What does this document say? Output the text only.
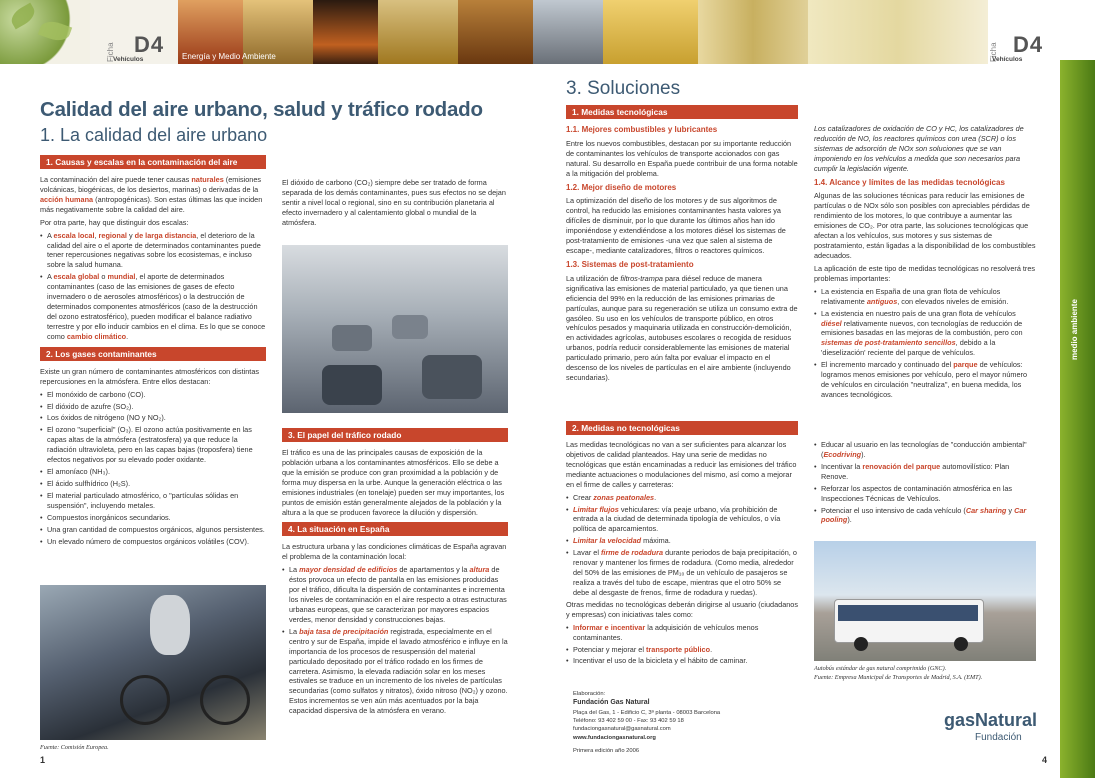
Ficha D4
Vehículos	Energía y Medio Ambiente	Ficha D4
Vehículos
medio ambiente
Calidad del aire urbano, salud y tráfico rodado
1. La calidad del aire urbano
1. Causas y escalas en la contaminación del aire

La contaminación del aire puede tener causas naturales (emisiones volcánicas, biogénicas, de los desiertos, marinas) o derivadas de la acción humana (antropogénicas). Son estas últimas las que inciden más negativamente sobre la calidad del aire.

Por otra parte, hay que distinguir dos escalas:

• A escala local, regional y de larga distancia, el deterioro de la calidad del aire o el aporte de determinados contaminantes puede tener repercusiones negativas sobre los ecosistemas, e incluso sobre la salud humana.
• A escala global o mundial, el aporte de determinados contaminantes (caso de las emisiones de gases de efecto invernadero o de aerosoles atmosféricos) o la destrucción de determinados componentes atmosféricos (caso de la destrucción del ozono estratosférico), pueden modificar el balance radiativo terrestre y por ello inducir cambios en el clima. Es lo que se conoce como cambio climático.
2. Los gases contaminantes

Existe un gran número de contaminantes atmosféricos con distintas repercusiones en la atmósfera. Entre ellos destacan:

• El monóxido de carbono (CO).
• El dióxido de azufre (SO₂).
• Los óxidos de nitrógeno (NO y NO₂).
• El ozono "superficial" (O₃). El ozono actúa positivamente en las capas altas de la atmósfera (estratosfera) ya que reduce la radiación ultravioleta, pero en las capas bajas (troposfera) tiene efectos negativos por su elevado poder oxidante.
• El amoníaco (NH₃).
• El ácido sulfhídrico (H₂S).
• El material particulado atmosférico, o "partículas sólidas en suspensión", incluyendo metales.
• Compuestos inorgánicos secundarios.
• Una gran cantidad de compuestos orgánicos, algunos persistentes.
• Un elevado número de compuestos orgánicos volátiles (COV).
Fuente: Comisión Europea.

El dióxido de carbono (CO₂) siempre debe ser tratado de forma separada de los demás contaminantes, pues sus efectos no se dejan sentir a nivel local o regional, sino en su contribución planetaria al efecto invernadero y al calentamiento global o mundial de la atmósfera.

3. El papel del tráfico rodado

El tráfico es una de las principales causas de exposición de la población urbana a los contaminantes atmosféricos. Ello se debe a que la emisión se produce con gran proximidad a la población y de forma muy dispersa en la urbe. Aunque la generación eléctrica o las emisiones industriales (en tonelaje) pueden ser muy importantes, los puntos de emisión están generalmente alejados de la población y la altura a la que se producen favorece la dilución y dispersión.

4. La situación en España

La estructura urbana y las condiciones climáticas de España agravan el problema de la contaminación local:

• La mayor densidad de edificios de apartamentos y la altura de éstos provoca un efecto de pantalla en las emisiones producidas por el tráfico, dificulta la dispersión de contaminantes e incrementa los niveles de contaminación en el aire respecto a otras estructuras urbanas europeas, que se caracterizan por mayores espacios verdes, menor densidad y construcciones bajas.
• La baja tasa de precipitación registrada, especialmente en el centro y sur de España, impide el lavado atmosférico e influye en la importancia de los procesos de resuspensión del material particulado depositado por el tráfico rodado en los firmes de carretera. Asimismo, la elevada radiación solar en los meses estivales se traduce en un incremento de los niveles de partículas secundarias (como sulfatos y nitratos), óxido nitroso (NO₂) y ozono. Estos incrementos se ven aún más acentuados por la baja capacidad dispersiva de la atmósfera en verano.
1
3. Soluciones
1. Medidas tecnológicas
1.1. Mejores combustibles y lubricantes

Entre los nuevos combustibles, destacan por su importante reducción de contaminantes los vehículos de transporte accionados con gas natural. Su desarrollo en España puede contribuir de una forma notable a la mitigación del problema.

1.2. Mejor diseño de motores

La optimización del diseño de los motores y de sus algoritmos de control, ha reducido las emisiones contaminantes hasta valores ya difíciles de disminuir, por lo que durante los últimos años han ido imponiéndose y extendiéndose a los motores diésel los sistemas de post-tratamiento de emisiones -una vez que salen al sistema de escape-, mediante catalizadores, filtros o reactores químicos.

1.3. Sistemas de post-tratamiento

La utilización de filtros-trampa para diésel reduce de manera significativa las emisiones de material particulado, ya que tienen una eficiencia del 99% en la reducción de las emisiones primarias de partículas, aunque para su regeneración se utiliza un consumo extra de gasóleo. Su uso en los vehículos de transporte público, en otros vehículos pesados y maquinaria utilizada en construcción-demolición, en actividades agrícolas, autobuses escolares o recogida de residuos urbanos, podría reducir considerablemente las emisiones de material particulado primario, pero aún falta por evaluar el impacto en el descenso de los niveles de partículas en el aire ambiente (incluyendo secundarias).

Los catalizadores de oxidación de CO y HC, los catalizadores de reducción de NO, los reactores químicos con urea (SCR) o los sistemas de adsorción de NOx son soluciones que se van imponiendo en los vehículos a medida que son necesarios para cumplir la legislación vigente.

1.4. Alcance y límites de las medidas tecnológicas

Algunas de las soluciones técnicas para reducir las emisiones de partículas o de NOx sólo son posibles con apreciables pérdidas de rendimiento de los motores, lo que contribuye a aumentar las emisiones de CO₂. Por otra parte, las soluciones tecnológicas que afectan a los vehículos, sus motores y sus sistemas de postratamiento, están ligadas a la disponibilidad de los combustibles adecuados.

La aplicación de este tipo de medidas tecnológicas no resolverá tres problemas importantes:

• La existencia en España de una gran flota de vehículos relativamente antiguos, con elevados niveles de emisión.
• La existencia en nuestro país de una gran flota de vehículos diésel relativamente nuevos, con tecnologías de reducción de emisiones basadas en las mejoras de la combustión, pero con sistemas de post-tratamiento sencillos, debido a la 'dieselización' reciente del parque de vehículos.
• El incremento marcado y continuado del parque de vehículos: logramos menos emisiones por vehículo, pero el mayor número de vehículos en circulación "neutraliza", en buena medida, los avances tecnológicos.
2. Medidas no tecnológicas

Las medidas tecnológicas no van a ser suficientes para alcanzar los objetivos de calidad planteados. Hay una serie de medidas no tecnológicas que están encaminadas a reducir las emisiones del tráfico mediante actuaciones o modulaciones del mismo, así como a mejorar en el firme de calles y carreteras:

• Crear zonas peatonales.
• Limitar flujos vehiculares: vía peaje urbano, vía prohibición de entrada a la ciudad de determinada tipología de vehículos, o vía política de aparcamientos.
• Limitar la velocidad máxima.
• Lavar el firme de rodadura durante periodos de baja precipitación, o renovar y mantener los firmes de rodadura. (Como media, alrededor del 50% de las emisiones de PM₁₀ de un vehículo de pasajeros se realiza a través del tubo de escape, mientras que el otro 50% se debe al desgaste de frenos, firme de rodadura y ruedas).

Otras medidas no tecnológicas deberán dirigirse al usuario (ciudadanos y empresas) con iniciativas tales como:

• Informar e incentivar la adquisición de vehículos menos contaminantes.
• Potenciar y mejorar el transporte público.
• Incentivar el uso de la bicicleta y el hábito de caminar.
• Educar al usuario en las tecnologías de "conducción ambiental" (Ecodriving).
• Incentivar la renovación del parque automovilístico: Plan Renove.
• Reforzar los aspectos de contaminación atmosférica en las Inspecciones Técnicas de Vehículos.
• Potenciar el uso intensivo de cada vehículo (Car sharing y Car pooling).
Autobús estándar de gas natural comprimido (GNC).
Fuente: Empresa Municipal de Transportes de Madrid, S.A. (EMT).
Elaboración:
Fundación Gas Natural
Plaça del Gas, 1 - Edificio C, 3ª planta - 08003 Barcelona
Teléfono: 93 402 59 00 - Fax: 93 402 59 18
fundaciongasnatural@gasnatural.com
www.fundaciongasnatural.org
Primera edición año 2006
gasNatural
Fundación
4
